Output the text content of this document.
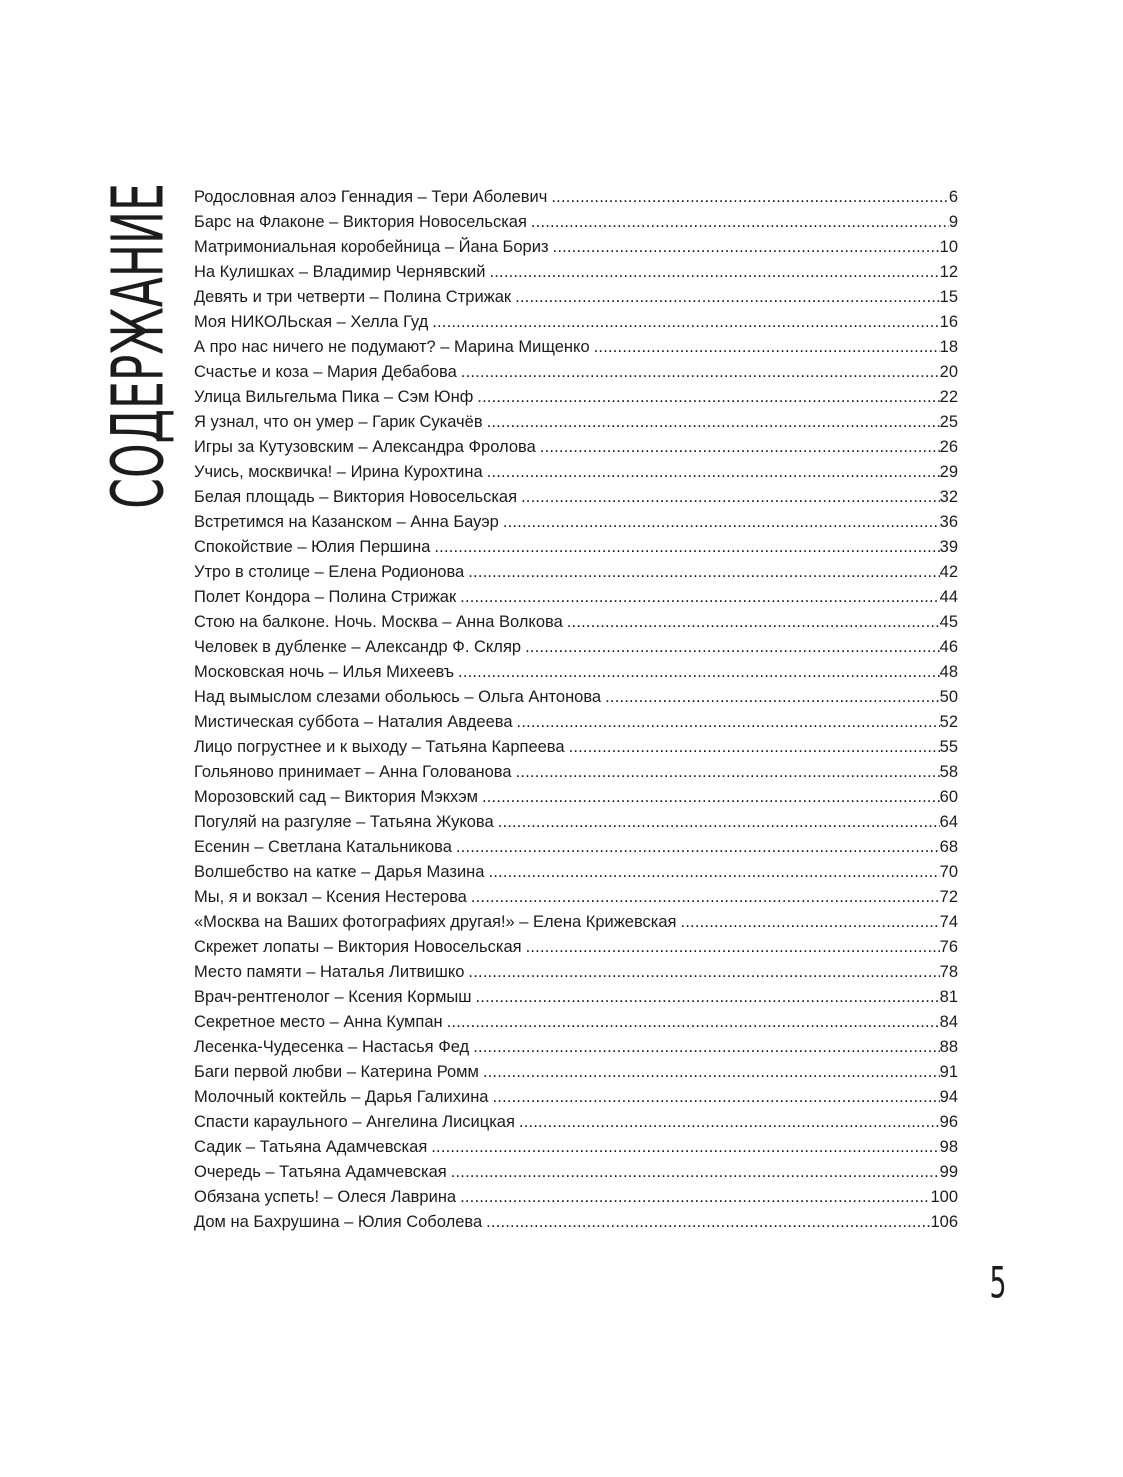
СОДЕРЖАНИЕ Родословная алоэ Геннадия – Тери Аболевич .....	6
Барс на Флаконе – Виктория Новосельская .....	9
Матримониальная коробейница – Йана Бориз .....	10
На Кулишках – Владимир Чернявский .....	12
Девять и три четверти – Полина Стрижак .....	15
Моя НИКОЛЬская – Хелла Гуд .....	16
А про нас ничего не подумают? – Марина Мищенко .....	18
Счастье и коза – Мария Дебабова .....	20
Улица Вильгельма Пика – Сэм Юнф .....	22
Я узнал, что он умер – Гарик Сукачёв .....	25
Игры за Кутузовским – Александра Фролова .....	26
Учись, москвичка! – Ирина Курохтина .....	29
Белая площадь – Виктория Новосельская .....	32
Встретимся на Казанском – Анна Бауэр .....	36
Спокойствие – Юлия Першина .....	39
Утро в столице – Елена Родионова .....	42
Полет Кондора – Полина Стрижак .....	44
Стою на балконе. Ночь. Москва – Анна Волкова .....	45
Человек в дубленке – Александр Ф. Скляр .....	46
Московская ночь – Илья Михеевъ .....	48
Над вымыслом слезами обольюсь – Ольга Антонова .....	50
Мистическая суббота – Наталия Авдеева .....	52
Лицо погрустнее и к выходу – Татьяна Карпеева .....	55
Гольяново принимает – Анна Голованова .....	58
Морозовский сад – Виктория Мэкхэм .....	60
Погуляй на разгуляе – Татьяна Жукова .....	64
Есенин – Светлана Катальникова .....	68
Волшебство на катке – Дарья Мазина .....	70
Мы, я и вокзал – Ксения Нестерова .....	72
«Москва на Ваших фотографиях другая!» – Елена Крижевская .....	74
Скрежет лопаты – Виктория Новосельская .....	76
Место памяти – Наталья Литвишко .....	78
Врач-рентгенолог – Ксения Кормыш .....	81
Секретное место – Анна Кумпан .....	84
Лесенка-Чудесенка – Настасья Фед .....	88
Баги первой любви – Катерина Ромм .....	91
Молочный коктейль – Дарья Галихина .....	94
Спасти караульного – Ангелина Лисицкая .....	96
Садик – Татьяна Адамчевская .....	98
Очередь – Татьяна Адамчевская .....	99
Обязана успеть! – Олеся Лаврина .....	100
Дом на Бахрушина – Юлия Соболева .....	106
5
